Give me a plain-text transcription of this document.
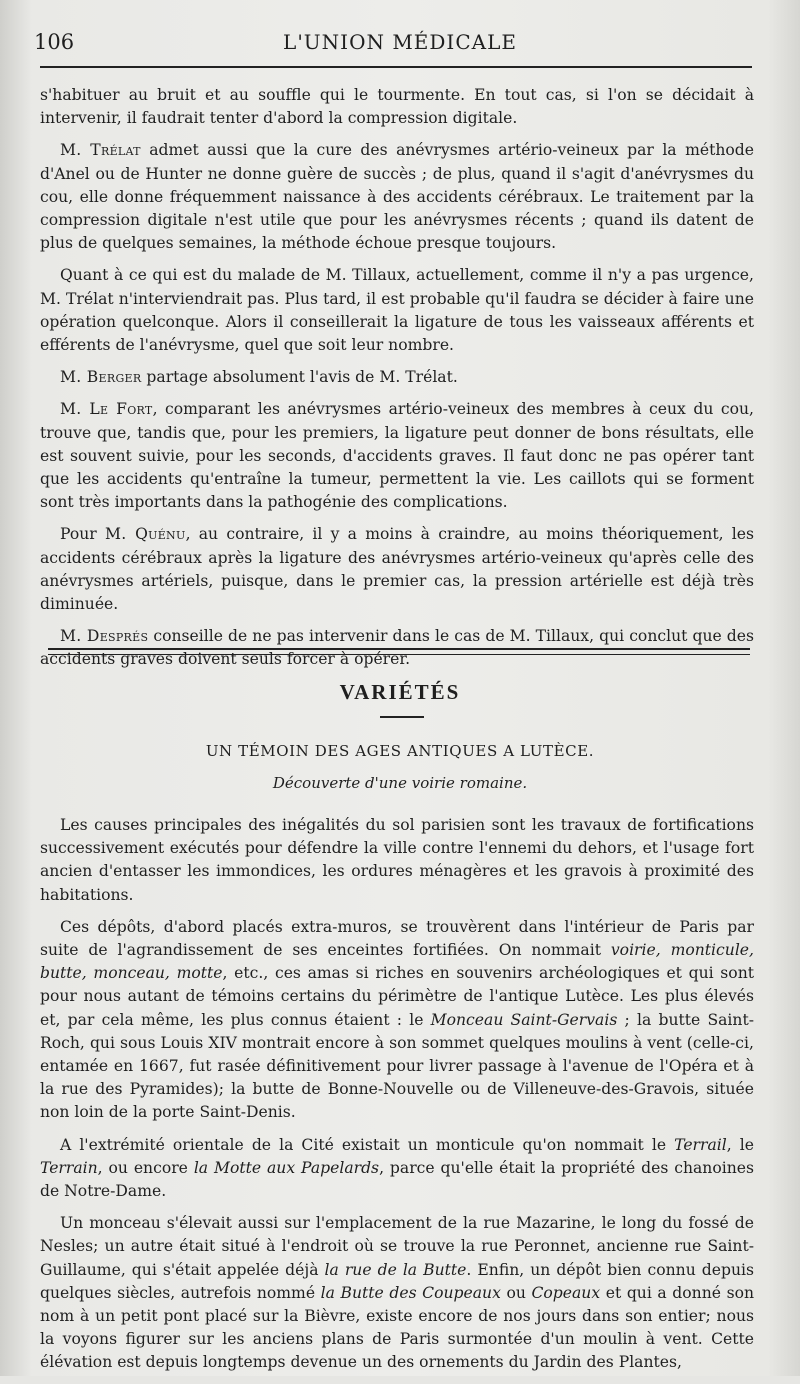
106	L'UNION MÉDICALE

s'habituer au bruit et au souffle qui le tourmente. En tout cas, si l'on se décidait à intervenir, il faudrait tenter d'abord la compression digitale.

M. Trélat admet aussi que la cure des anévrysmes artério-veineux par la méthode d'Anel ou de Hunter ne donne guère de succès ; de plus, quand il s'agit d'anévrysmes du cou, elle donne fréquemment naissance à des accidents cérébraux. Le traitement par la compression digitale n'est utile que pour les anévrysmes récents ; quand ils datent de plus de quelques semaines, la méthode échoue presque toujours.

Quant à ce qui est du malade de M. Tillaux, actuellement, comme il n'y a pas urgence, M. Trélat n'interviendrait pas. Plus tard, il est probable qu'il faudra se décider à faire une opération quelconque. Alors il conseillerait la ligature de tous les vaisseaux afférents et efférents de l'anévrysme, quel que soit leur nombre.

M. Berger partage absolument l'avis de M. Trélat.

M. Le Fort, comparant les anévrysmes artério-veineux des membres à ceux du cou, trouve que, tandis que, pour les premiers, la ligature peut donner de bons résultats, elle est souvent suivie, pour les seconds, d'accidents graves. Il faut donc ne pas opérer tant que les accidents qu'entraîne la tumeur, permettent la vie. Les caillots qui se forment sont très importants dans la pathogénie des complications.

Pour M. Quénu, au contraire, il y a moins à craindre, au moins théoriquement, les accidents cérébraux après la ligature des anévrysmes artério-veineux qu'après celle des anévrysmes artériels, puisque, dans le premier cas, la pression artérielle est déjà très diminuée.

M. Després conseille de ne pas intervenir dans le cas de M. Tillaux, qui conclut que des accidents graves doivent seuls forcer à opérer.

VARIÉTÉS
UN TÉMOIN DES AGES ANTIQUES A LUTÈCE.
Découverte d'une voirie romaine.

Les causes principales des inégalités du sol parisien sont les travaux de fortifications successivement exécutés pour défendre la ville contre l'ennemi du dehors, et l'usage fort ancien d'entasser les immondices, les ordures ménagères et les gravois à proximité des habitations.

Ces dépôts, d'abord placés extra-muros, se trouvèrent dans l'intérieur de Paris par suite de l'agrandissement de ses enceintes fortifiées. On nommait voirie, monticule, butte, monceau, motte, etc., ces amas si riches en souvenirs archéologiques et qui sont pour nous autant de témoins certains du périmètre de l'antique Lutèce. Les plus élevés et, par cela même, les plus connus étaient : le Monceau Saint-Gervais ; la butte Saint-Roch, qui sous Louis XIV montrait encore à son sommet quelques moulins à vent (celle-ci, entamée en 1667, fut rasée définitivement pour livrer passage à l'avenue de l'Opéra et à la rue des Pyramides); la butte de Bonne-Nouvelle ou de Villeneuve-des-Gravois, située non loin de la porte Saint-Denis.

A l'extrémité orientale de la Cité existait un monticule qu'on nommait le Terrail, le Terrain, ou encore la Motte aux Papelards, parce qu'elle était la propriété des chanoines de Notre-Dame.

Un monceau s'élevait aussi sur l'emplacement de la rue Mazarine, le long du fossé de Nesles; un autre était situé à l'endroit où se trouve la rue Peronnet, ancienne rue Saint-Guillaume, qui s'était appelée déjà la rue de la Butte. Enfin, un dépôt bien connu depuis quelques siècles, autrefois nommé la Butte des Coupeaux ou Copeaux et qui a donné son nom à un petit pont placé sur la Bièvre, existe encore de nos jours dans son entier; nous la voyons figurer sur les anciens plans de Paris surmontée d'un moulin à vent. Cette élévation est depuis longtemps devenue un des ornements du Jardin des Plantes,
